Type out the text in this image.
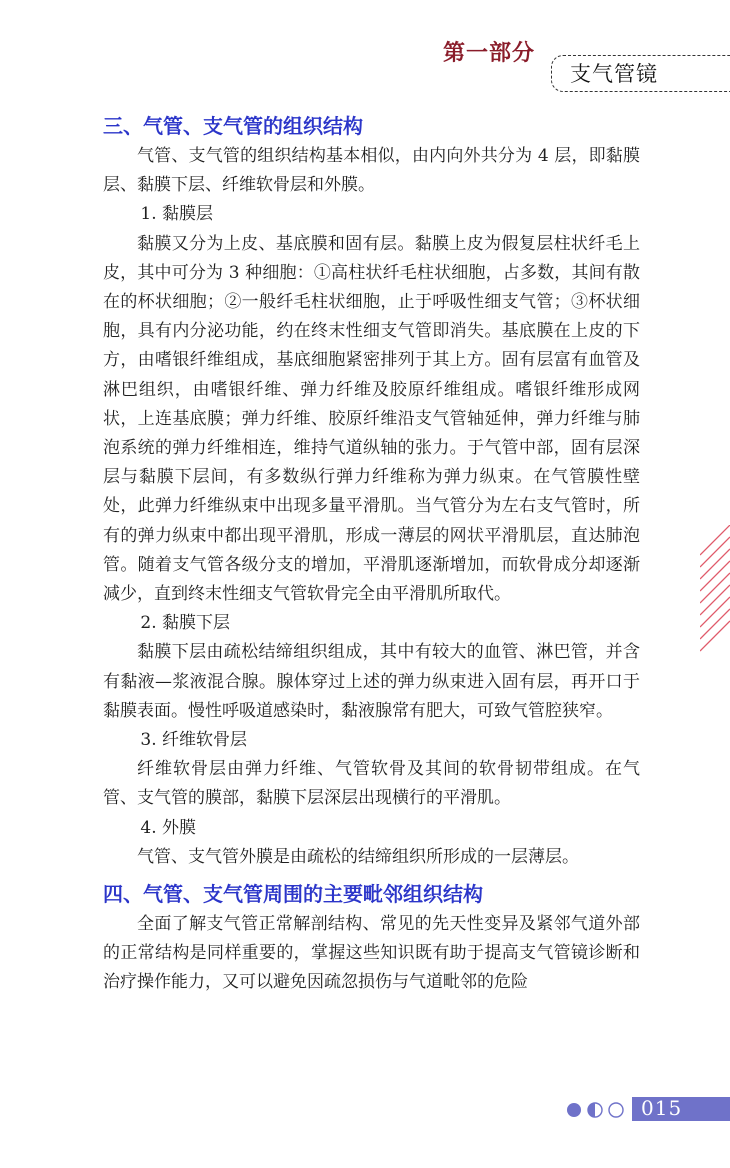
第一部分
支气管镜
三、气管、支气管的组织结构

气管、支气管的组织结构基本相似，由内向外共分为 4 层，即黏膜层、黏膜下层、纤维软骨层和外膜。

1. 黏膜层

黏膜又分为上皮、基底膜和固有层。黏膜上皮为假复层柱状纤毛上皮，其中可分为 3 种细胞：①高柱状纤毛柱状细胞，占多数，其间有散在的杯状细胞；②一般纤毛柱状细胞，止于呼吸性细支气管；③杯状细胞，具有内分泌功能，约在终末性细支气管即消失。基底膜在上皮的下方，由嗜银纤维组成，基底细胞紧密排列于其上方。固有层富有血管及淋巴组织，由嗜银纤维、弹力纤维及胶原纤维组成。嗜银纤维形成网状，上连基底膜；弹力纤维、胶原纤维沿支气管轴延伸，弹力纤维与肺泡系统的弹力纤维相连，维持气道纵轴的张力。于气管中部，固有层深层与黏膜下层间，有多数纵行弹力纤维称为弹力纵束。在气管膜性壁处，此弹力纤维纵束中出现多量平滑肌。当气管分为左右支气管时，所有的弹力纵束中都出现平滑肌，形成一薄层的网状平滑肌层，直达肺泡管。随着支气管各级分支的增加，平滑肌逐渐增加，而软骨成分却逐渐减少，直到终末性细支气管软骨完全由平滑肌所取代。

2. 黏膜下层

黏膜下层由疏松结缔组织组成，其中有较大的血管、淋巴管，并含有黏液—浆液混合腺。腺体穿过上述的弹力纵束进入固有层，再开口于黏膜表面。慢性呼吸道感染时，黏液腺常有肥大，可致气管腔狭窄。

3. 纤维软骨层

纤维软骨层由弹力纤维、气管软骨及其间的软骨韧带组成。在气管、支气管的膜部，黏膜下层深层出现横行的平滑肌。

4. 外膜

气管、支气管外膜是由疏松的结缔组织所形成的一层薄层。

四、气管、支气管周围的主要毗邻组织结构

全面了解支气管正常解剖结构、常见的先天性变异及紧邻气道外部的正常结构是同样重要的，掌握这些知识既有助于提高支气管镜诊断和治疗操作能力，又可以避免因疏忽损伤与气道毗邻的危险

015
